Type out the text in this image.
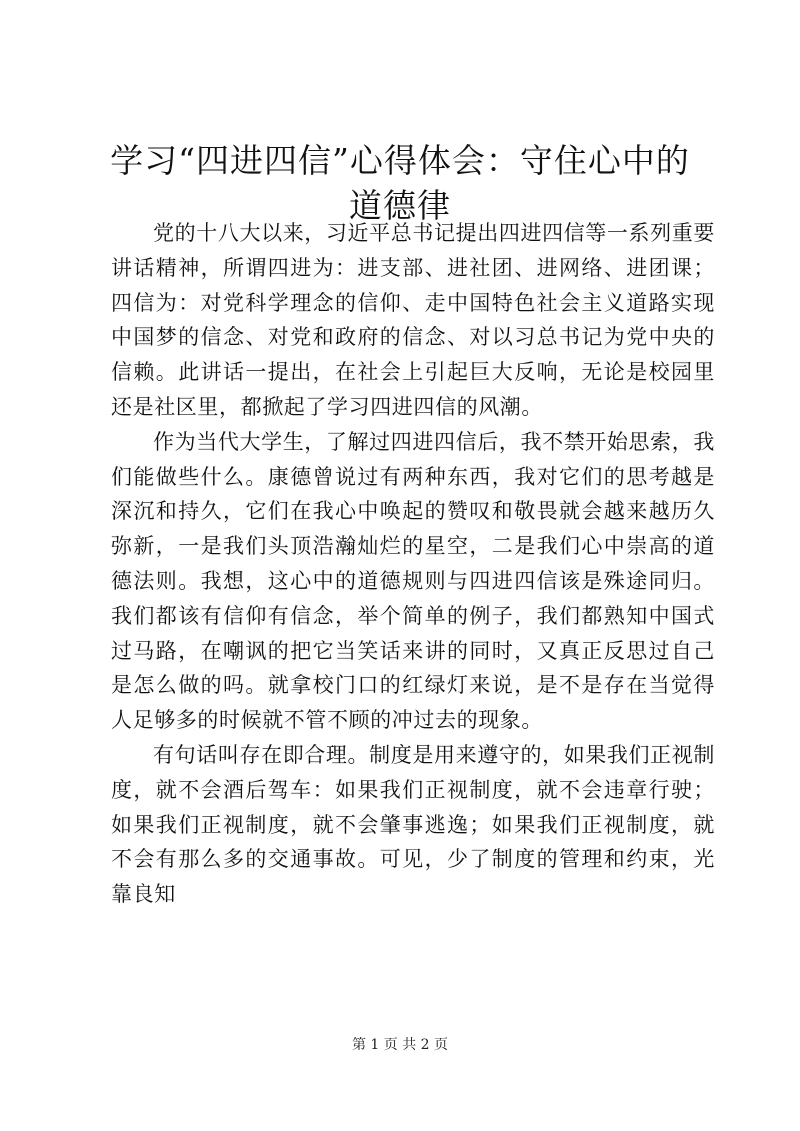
学习“四进四信”心得体会：守住心中的道德律

党的十八大以来，习近平总书记提出四进四信等一系列重要讲话精神，所谓四进为：进支部、进社团、进网络、进团课；四信为：对党科学理念的信仰、走中国特色社会主义道路实现中国梦的信念、对党和政府的信念、对以习总书记为党中央的信赖。此讲话一提出，在社会上引起巨大反响，无论是校园里还是社区里，都掀起了学习四进四信的风潮。

作为当代大学生，了解过四进四信后，我不禁开始思索，我们能做些什么。康德曾说过有两种东西，我对它们的思考越是深沉和持久，它们在我心中唤起的赞叹和敬畏就会越来越历久弥新，一是我们头顶浩瀚灿烂的星空，二是我们心中崇高的道德法则。我想，这心中的道德规则与四进四信该是殊途同归。我们都该有信仰有信念，举个简单的例子，我们都熟知中国式过马路，在嘲讽的把它当笑话来讲的同时，又真正反思过自己是怎么做的吗。就拿校门口的红绿灯来说，是不是存在当觉得人足够多的时候就不管不顾的冲过去的现象。

有句话叫存在即合理。制度是用来遵守的，如果我们正视制度，就不会酒后驾车：如果我们正视制度，就不会违章行驶；如果我们正视制度，就不会肇事逃逸；如果我们正视制度，就不会有那么多的交通事故。可见，少了制度的管理和约束，光靠良知

第 1 页 共 2 页
